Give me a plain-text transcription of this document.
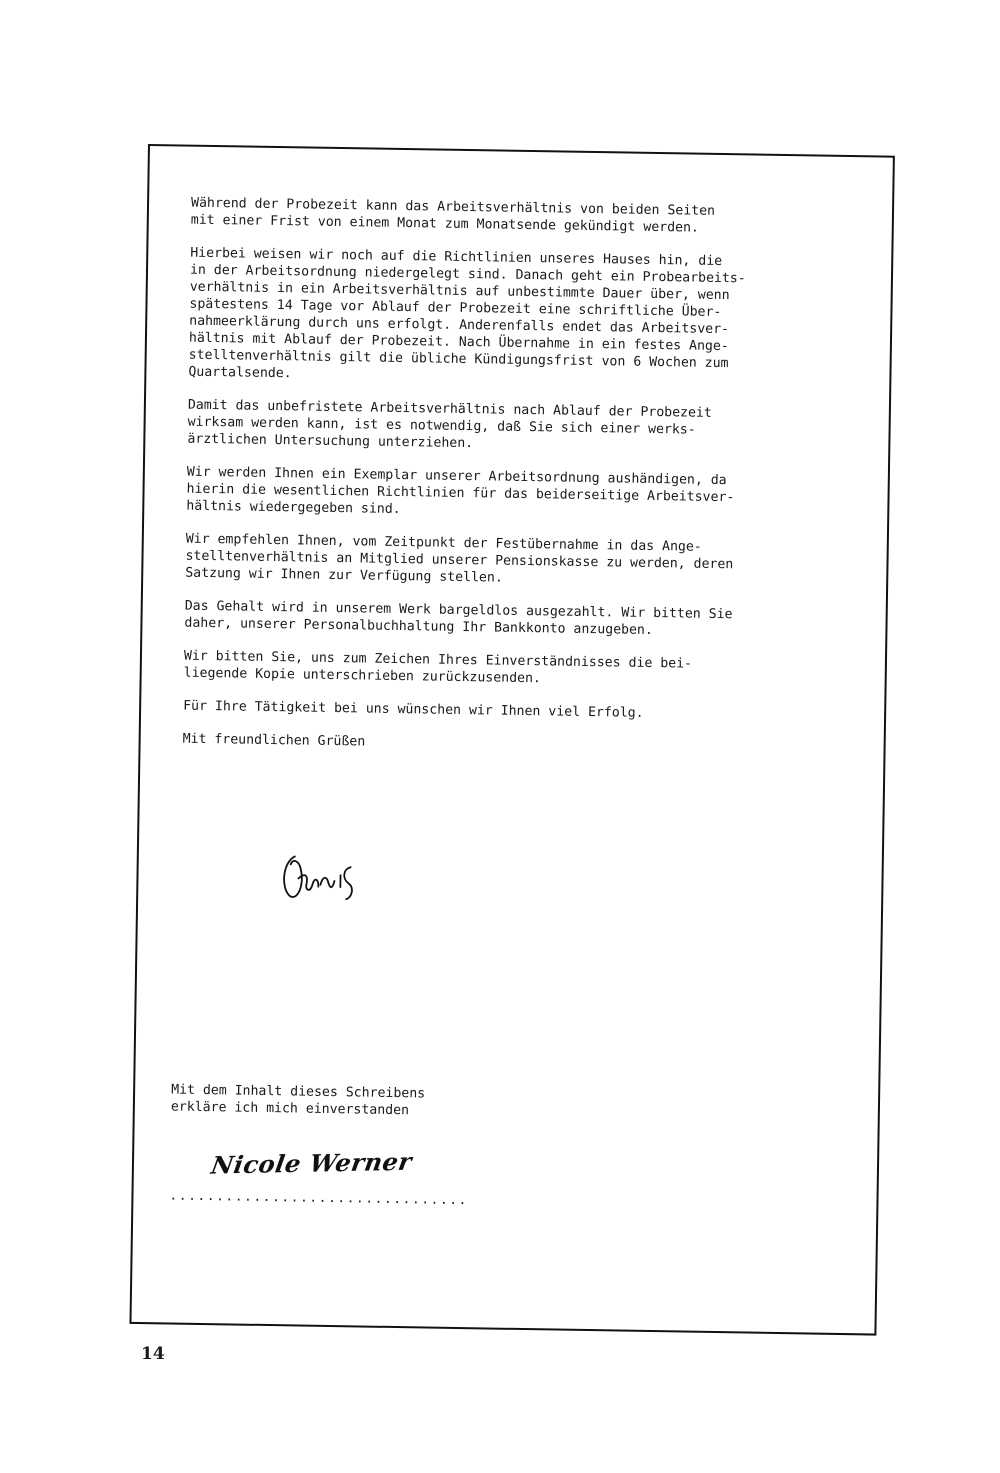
Während der Probezeit kann das Arbeitsverhältnis von beiden Seiten
mit einer Frist von einem Monat zum Monatsende gekündigt werden.

Hierbei weisen wir noch auf die Richtlinien unseres Hauses hin, die
in der Arbeitsordnung niedergelegt sind. Danach geht ein Probearbeits-
verhältnis in ein Arbeitsverhältnis auf unbestimmte Dauer über, wenn
spätestens 14 Tage vor Ablauf der Probezeit eine schriftliche Über-
nahmeerklärung durch uns erfolgt. Anderenfalls endet das Arbeitsver-
hältnis mit Ablauf der Probezeit. Nach Übernahme in ein festes Ange-
stelltenverhältnis gilt die übliche Kündigungsfrist von 6 Wochen zum
Quartalsende.

Damit das unbefristete Arbeitsverhältnis nach Ablauf der Probezeit
wirksam werden kann, ist es notwendig, daß Sie sich einer werks-
ärztlichen Untersuchung unterziehen.

Wir werden Ihnen ein Exemplar unserer Arbeitsordnung aushändigen, da
hierin die wesentlichen Richtlinien für das beiderseitige Arbeitsver-
hältnis wiedergegeben sind.

Wir empfehlen Ihnen, vom Zeitpunkt der Festübernahme in das Ange-
stelltenverhältnis an Mitglied unserer Pensionskasse zu werden, deren
Satzung wir Ihnen zur Verfügung stellen.

Das Gehalt wird in unserem Werk bargeldlos ausgezahlt. Wir bitten Sie
daher, unserer Personalbuchhaltung Ihr Bankkonto anzugeben.

Wir bitten Sie, uns zum Zeichen Ihres Einverständnisses die bei-
liegende Kopie unterschrieben zurückzusenden.

Für Ihre Tätigkeit bei uns wünschen wir Ihnen viel Erfolg.

Mit freundlichen Grüßen

Mit dem Inhalt dieses Schreibens
erkläre ich mich einverstanden
Nicole Werner
................................
14
